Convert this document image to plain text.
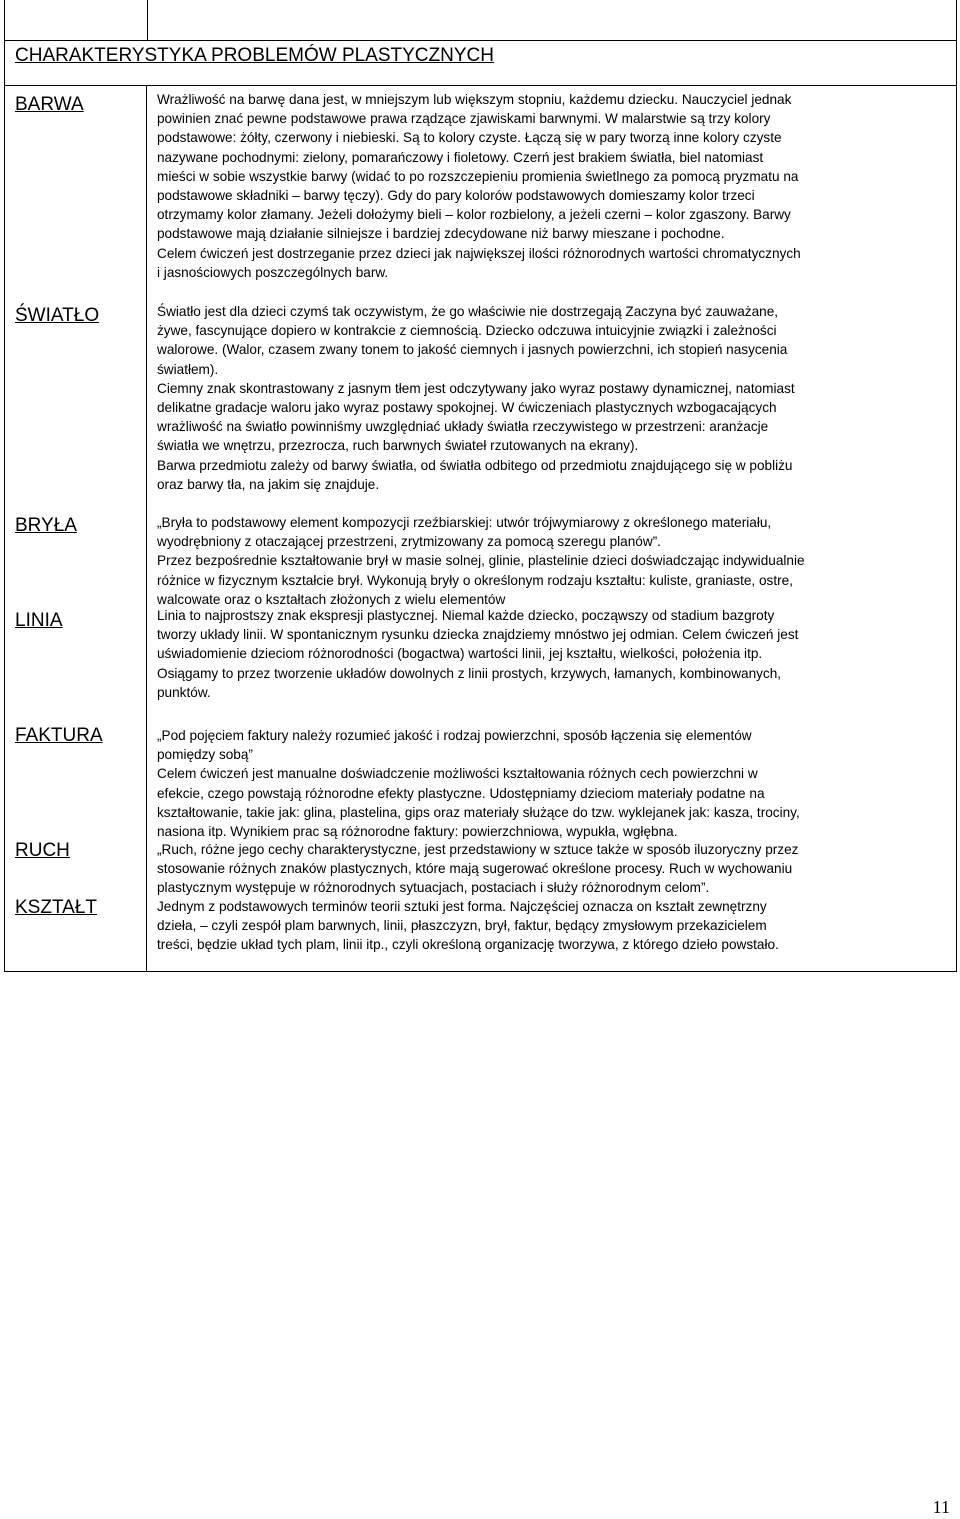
CHARAKTERYSTYKA PROBLEMÓW PLASTYCZNYCH
BARWA
ŚWIATŁO
BRYŁA
LINIA
FAKTURA
RUCH
KSZTAŁT
Wrażliwość na barwę dana jest, w mniejszym lub większym stopniu, każdemu dziecku. Nauczyciel jednak
powinien znać pewne podstawowe prawa rządzące zjawiskami barwnymi. W malarstwie są trzy kolory
podstawowe: żółty, czerwony i niebieski. Są to kolory czyste. Łączą się w pary tworzą inne kolory czyste
nazywane pochodnymi: zielony, pomarańczowy i fioletowy. Czerń jest brakiem światła, biel natomiast
mieści w sobie wszystkie barwy (widać to po rozszczepieniu promienia świetlnego za pomocą pryzmatu na
podstawowe składniki – barwy tęczy). Gdy do pary kolorów podstawowych domieszamy kolor trzeci
otrzymamy kolor złamany. Jeżeli dołożymy bieli – kolor rozbielony, a jeżeli czerni – kolor zgaszony. Barwy
podstawowe mają działanie silniejsze i bardziej zdecydowane niż barwy mieszane i pochodne.
Celem ćwiczeń jest dostrzeganie przez dzieci jak największej ilości różnorodnych wartości chromatycznych
i jasnościowych poszczególnych barw.
Światło jest dla dzieci czymś tak oczywistym, że go właściwie nie dostrzegają Zaczyna być zauważane,
żywe, fascynujące dopiero w kontrakcie z ciemnością. Dziecko odczuwa intuicyjnie związki i zależności
walorowe. (Walor, czasem zwany tonem to jakość ciemnych i jasnych powierzchni, ich stopień nasycenia
światłem).
Ciemny znak skontrastowany z jasnym tłem jest odczytywany jako wyraz postawy dynamicznej, natomiast
delikatne gradacje waloru jako wyraz postawy spokojnej. W ćwiczeniach plastycznych wzbogacających
wrażliwość na światło powinniśmy uwzględniać układy światła rzeczywistego w przestrzeni: aranżacje
światła we wnętrzu, przezrocza, ruch barwnych świateł rzutowanych na ekrany).
Barwa przedmiotu zależy od barwy światła, od światła odbitego od przedmiotu znajdującego się w pobliżu
oraz barwy tła, na jakim się znajduje.
„Bryła to podstawowy element kompozycji rzeźbiarskiej: utwór trójwymiarowy z określonego materiału,
wyodrębniony z otaczającej przestrzeni, zrytmizowany za pomocą szeregu planów”.
Przez bezpośrednie kształtowanie brył w masie solnej, glinie, plastelinie dzieci doświadczając indywidualnie
różnice w fizycznym kształcie brył. Wykonują bryły o określonym rodzaju kształtu: kuliste, graniaste, ostre,
walcowate oraz o kształtach złożonych z wielu elementów
Linia to najprostszy znak ekspresji plastycznej. Niemal każde dziecko, począwszy od stadium bazgroty
tworzy układy linii. W spontanicznym rysunku dziecka znajdziemy mnóstwo jej odmian. Celem ćwiczeń jest
uświadomienie dzieciom różnorodności (bogactwa) wartości linii, jej kształtu, wielkości, położenia itp.
Osiągamy to przez tworzenie układów dowolnych z linii prostych, krzywych, łamanych, kombinowanych,
punktów.
„Pod pojęciem faktury należy rozumieć jakość i rodzaj powierzchni, sposób łączenia się elementów
pomiędzy sobą”
Celem ćwiczeń jest manualne doświadczenie możliwości kształtowania różnych cech powierzchni w
efekcie, czego powstają różnorodne efekty plastyczne. Udostępniamy dzieciom materiały podatne na
kształtowanie, takie jak: glina, plastelina, gips oraz materiały służące do tzw. wyklejanek jak: kasza, trociny,
nasiona itp. Wynikiem prac są różnorodne faktury: powierzchniowa, wypukła, wgłębna.
„Ruch, różne jego cechy charakterystyczne, jest przedstawiony w sztuce także w sposób iluzoryczny przez
stosowanie różnych znaków plastycznych, które mają sugerować określone procesy. Ruch w wychowaniu
plastycznym występuje w różnorodnych sytuacjach, postaciach i służy różnorodnym celom”.
Jednym z podstawowych terminów teorii sztuki jest forma. Najczęściej oznacza on kształt zewnętrzny
dzieła, – czyli zespół plam barwnych, linii, płaszczyzn, brył, faktur, będący zmysłowym przekazicielem
treści, będzie układ tych plam, linii itp., czyli określoną organizację tworzywa, z którego dzieło powstało.
11
